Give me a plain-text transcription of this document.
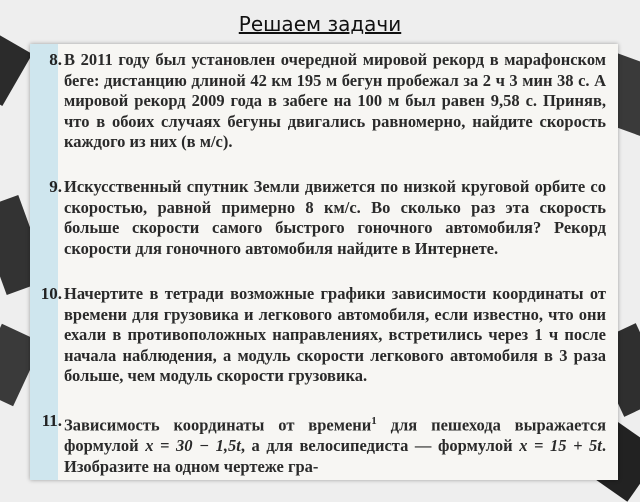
Решаем задачи
8. В 2011 году был установлен очередной мировой рекорд в марафонском беге: дистанцию длиной 42 км 195 м бегун пробежал за 2 ч 3 мин 38 с. А мировой рекорд 2009 года в забеге на 100 м был равен 9,58 с. Приняв, что в обоих случаях бегуны двигались равномерно, найдите скорость каждого из них (в м/с).
9. Искусственный спутник Земли движется по низкой круговой орбите со скоростью, равной примерно 8 км/с. Во сколько раз эта скорость больше скорости самого быстрого гоночного автомобиля? Рекорд скорости для гоночного автомобиля найдите в Интернете.
10. Начертите в тетради возможные графики зависимости координаты от времени для грузовика и легкового автомобиля, если известно, что они ехали в противоположных направлениях, встретились через 1 ч после начала наблюдения, а модуль скорости легкового автомобиля в 3 раза больше, чем модуль скорости грузовика.
11. Зависимость координаты от времени$^1$ для пешехода выражается формулой x = 30 − 1,5t, а для велосипедиста — формулой x = 15 + 5t. Изобразите на одном чертеже гра-
